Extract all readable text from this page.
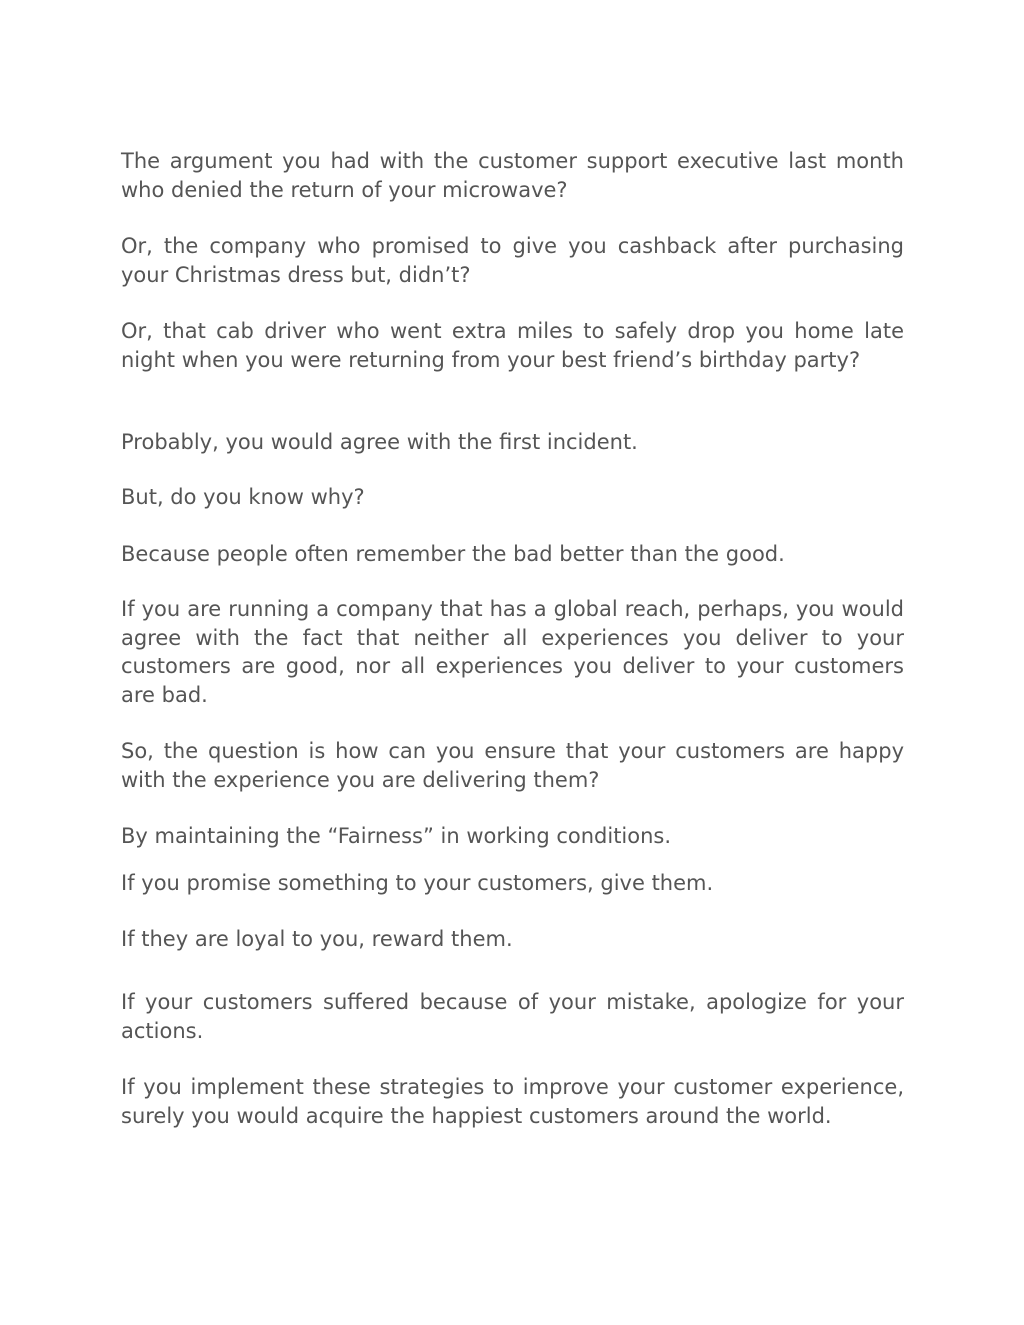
The argument you had with the customer support executive last month who denied the return of your microwave?

Or, the company who promised to give you cashback after purchasing your Christmas dress but, didn’t?

Or, that cab driver who went extra miles to safely drop you home late night when you were returning from your best friend’s birthday party?

Probably, you would agree with the first incident.

But, do you know why?

Because people often remember the bad better than the good.

If you are running a company that has a global reach, perhaps, you would agree with the fact that neither all experiences you deliver to your customers are good, nor all experiences you deliver to your customers are bad.

So, the question is how can you ensure that your customers are happy with the experience you are delivering them?

By maintaining the “Fairness” in working conditions.

If you promise something to your customers, give them.

If they are loyal to you, reward them.

If your customers suffered because of your mistake, apologize for your actions.

If you implement these strategies to improve your customer experience, surely you would acquire the happiest customers around the world.
